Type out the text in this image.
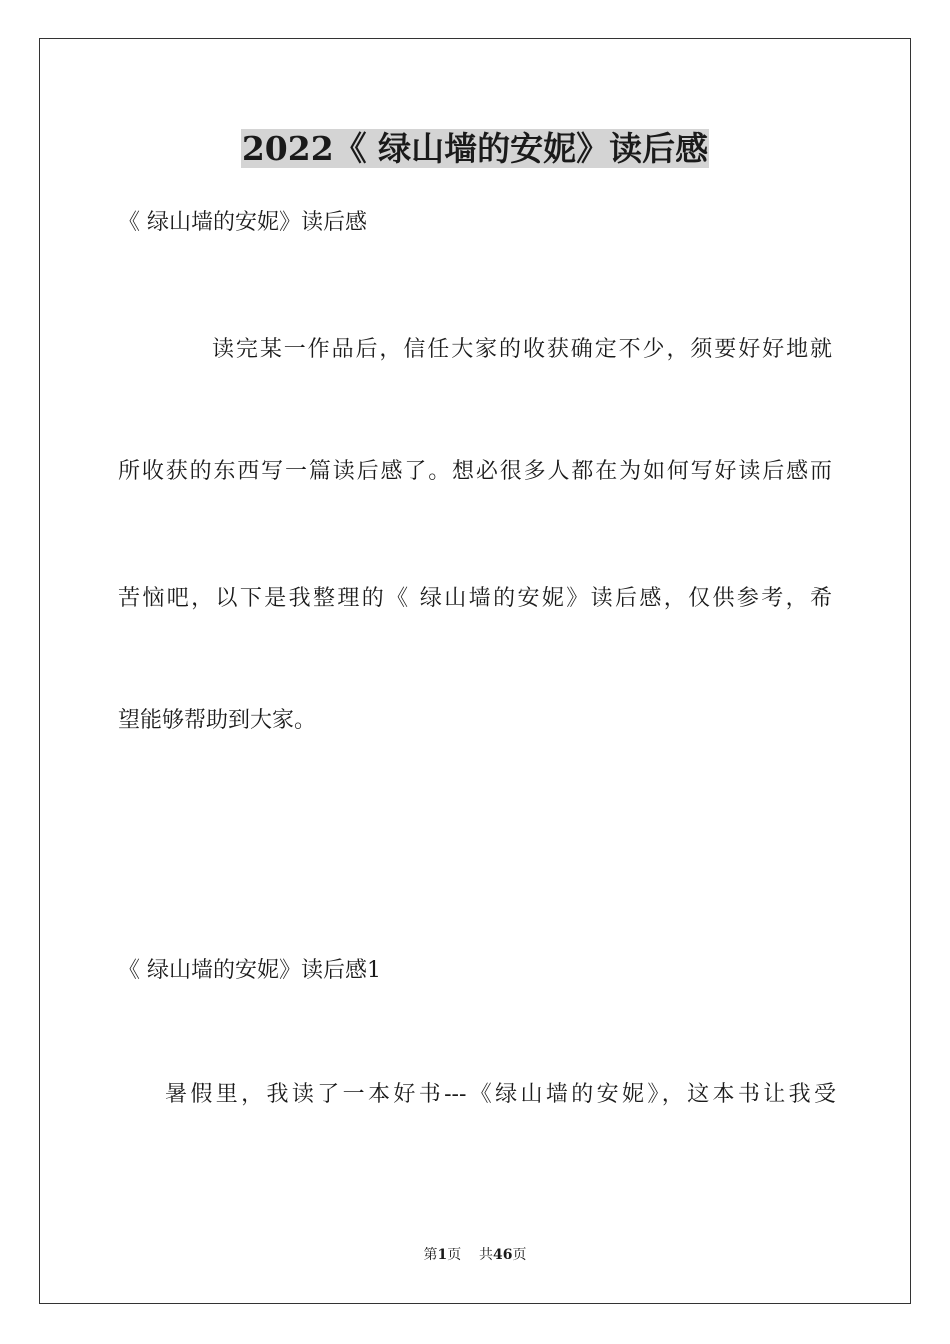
2022《 绿山墙的安妮》读后感
《 绿山墙的安妮》读后感
读完某一作品后，信任大家的收获确定不少，须要好好地就
所收获的东西写一篇读后感了。想必很多人都在为如何写好读后感而
苦恼吧，以下是我整理的《 绿山墙的安妮》读后感，仅供参考，希
望能够帮助到大家。
《 绿山墙的安妮》读后感1
暑假里，我读了一本好书---《绿山墙的安妮》，这本书让我受
第1页 共46页
